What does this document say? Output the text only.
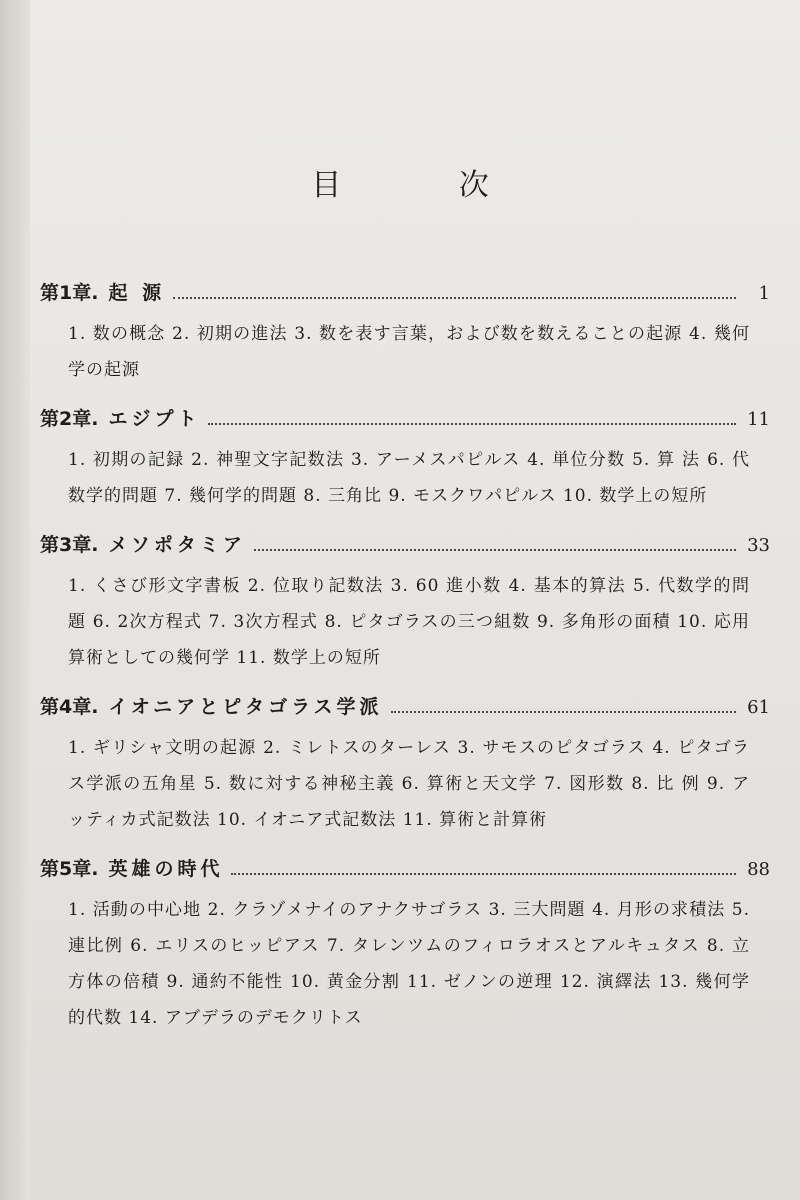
目 次
第1章. 起 源	1
1. 数の概念 2. 初期の進法 3. 数を表す言葉，および数を数えることの起源 4. 幾何学の起源
第2章. エジプト	11
1. 初期の記録 2. 神聖文字記数法 3. アーメスパピルス 4. 単位分数 5. 算 法 6. 代数学的問題 7. 幾何学的問題 8. 三角比 9. モスクワパピルス 10. 数学上の短所
第3章. メソポタミア	33
1. くさび形文字書板 2. 位取り記数法 3. 60 進小数 4. 基本的算法 5. 代数学的問題 6. 2次方程式 7. 3次方程式 8. ピタゴラスの三つ組数 9. 多角形の面積 10. 応用算術としての幾何学 11. 数学上の短所
第4章. イオニアとピタゴラス学派	61
1. ギリシャ文明の起源 2. ミレトスのターレス 3. サモスのピタゴラス 4. ピタゴラス学派の五角星 5. 数に対する神秘主義 6. 算術と天文学 7. 図形数 8. 比 例 9. アッティカ式記数法 10. イオニア式記数法 11. 算術と計算術
第5章. 英雄の時代	88
1. 活動の中心地 2. クラゾメナイのアナクサゴラス 3. 三大問題 4. 月形の求積法 5. 連比例 6. エリスのヒッピアス 7. タレンツムのフィロラオスとアルキュタス 8. 立方体の倍積 9. 通約不能性 10. 黄金分割 11. ゼノンの逆理 12. 演繹法 13. 幾何学的代数 14. アブデラのデモクリトス
